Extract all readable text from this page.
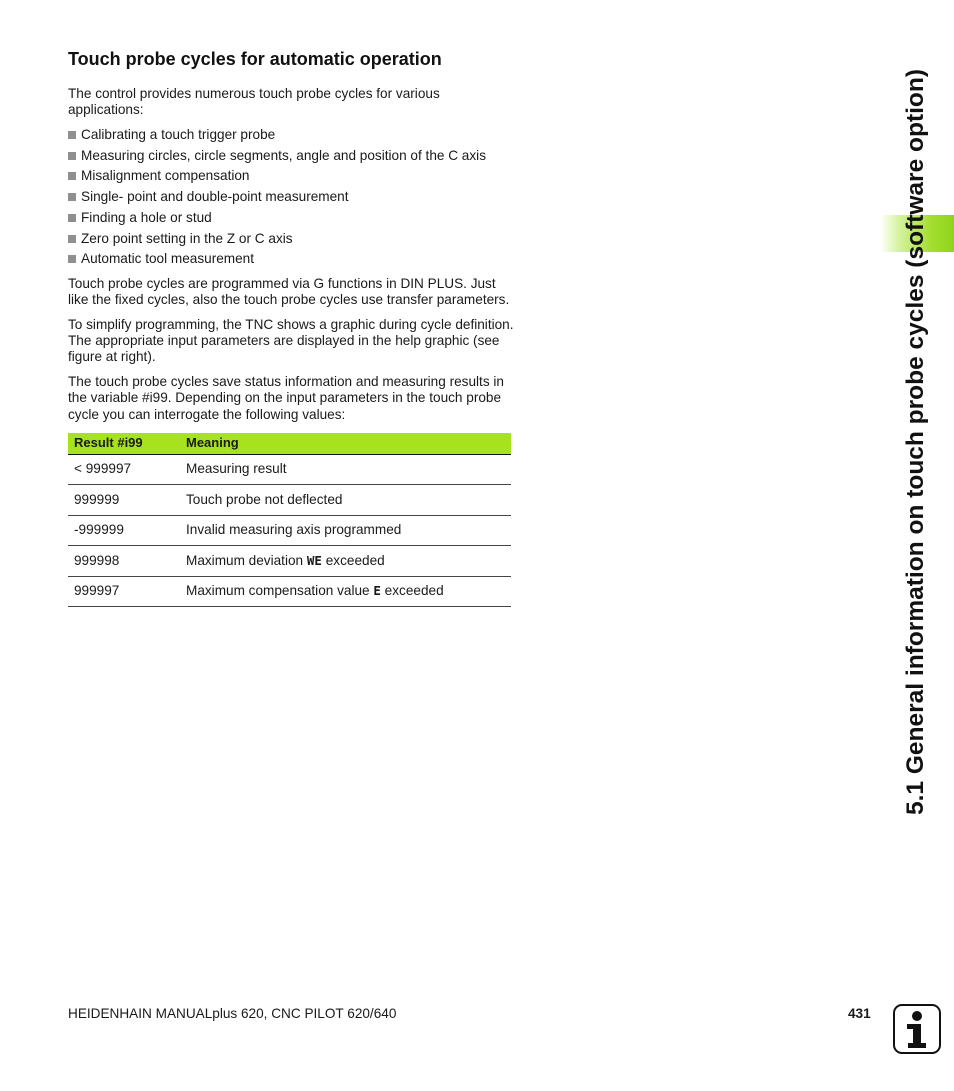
Touch probe cycles for automatic operation

The control provides numerous touch probe cycles for various applications:

Calibrating a touch trigger probe
Measuring circles, circle segments, angle and position of the C axis
Misalignment compensation
Single- point and double-point measurement
Finding a hole or stud
Zero point setting in the Z or C axis
Automatic tool measurement

Touch probe cycles are programmed via G functions in DIN PLUS. Just like the fixed cycles, also the touch probe cycles use transfer parameters.

To simplify programming, the TNC shows a graphic during cycle definition. The appropriate input parameters are displayed in the help graphic (see figure at right).

The touch probe cycles save status information and measuring results in the variable #i99. Depending on the input parameters in the touch probe cycle you can interrogate the following values:

Result #i99	Meaning
< 999997	Measuring result
999999	Touch probe not deflected
-999999	Invalid measuring axis programmed
999998	Maximum deviation WE exceeded
999997	Maximum compensation value E exceeded	5.1 General information on touch probe cycles (software option)
HEIDENHAIN MANUALplus 620, CNC PILOT 620/640	431
